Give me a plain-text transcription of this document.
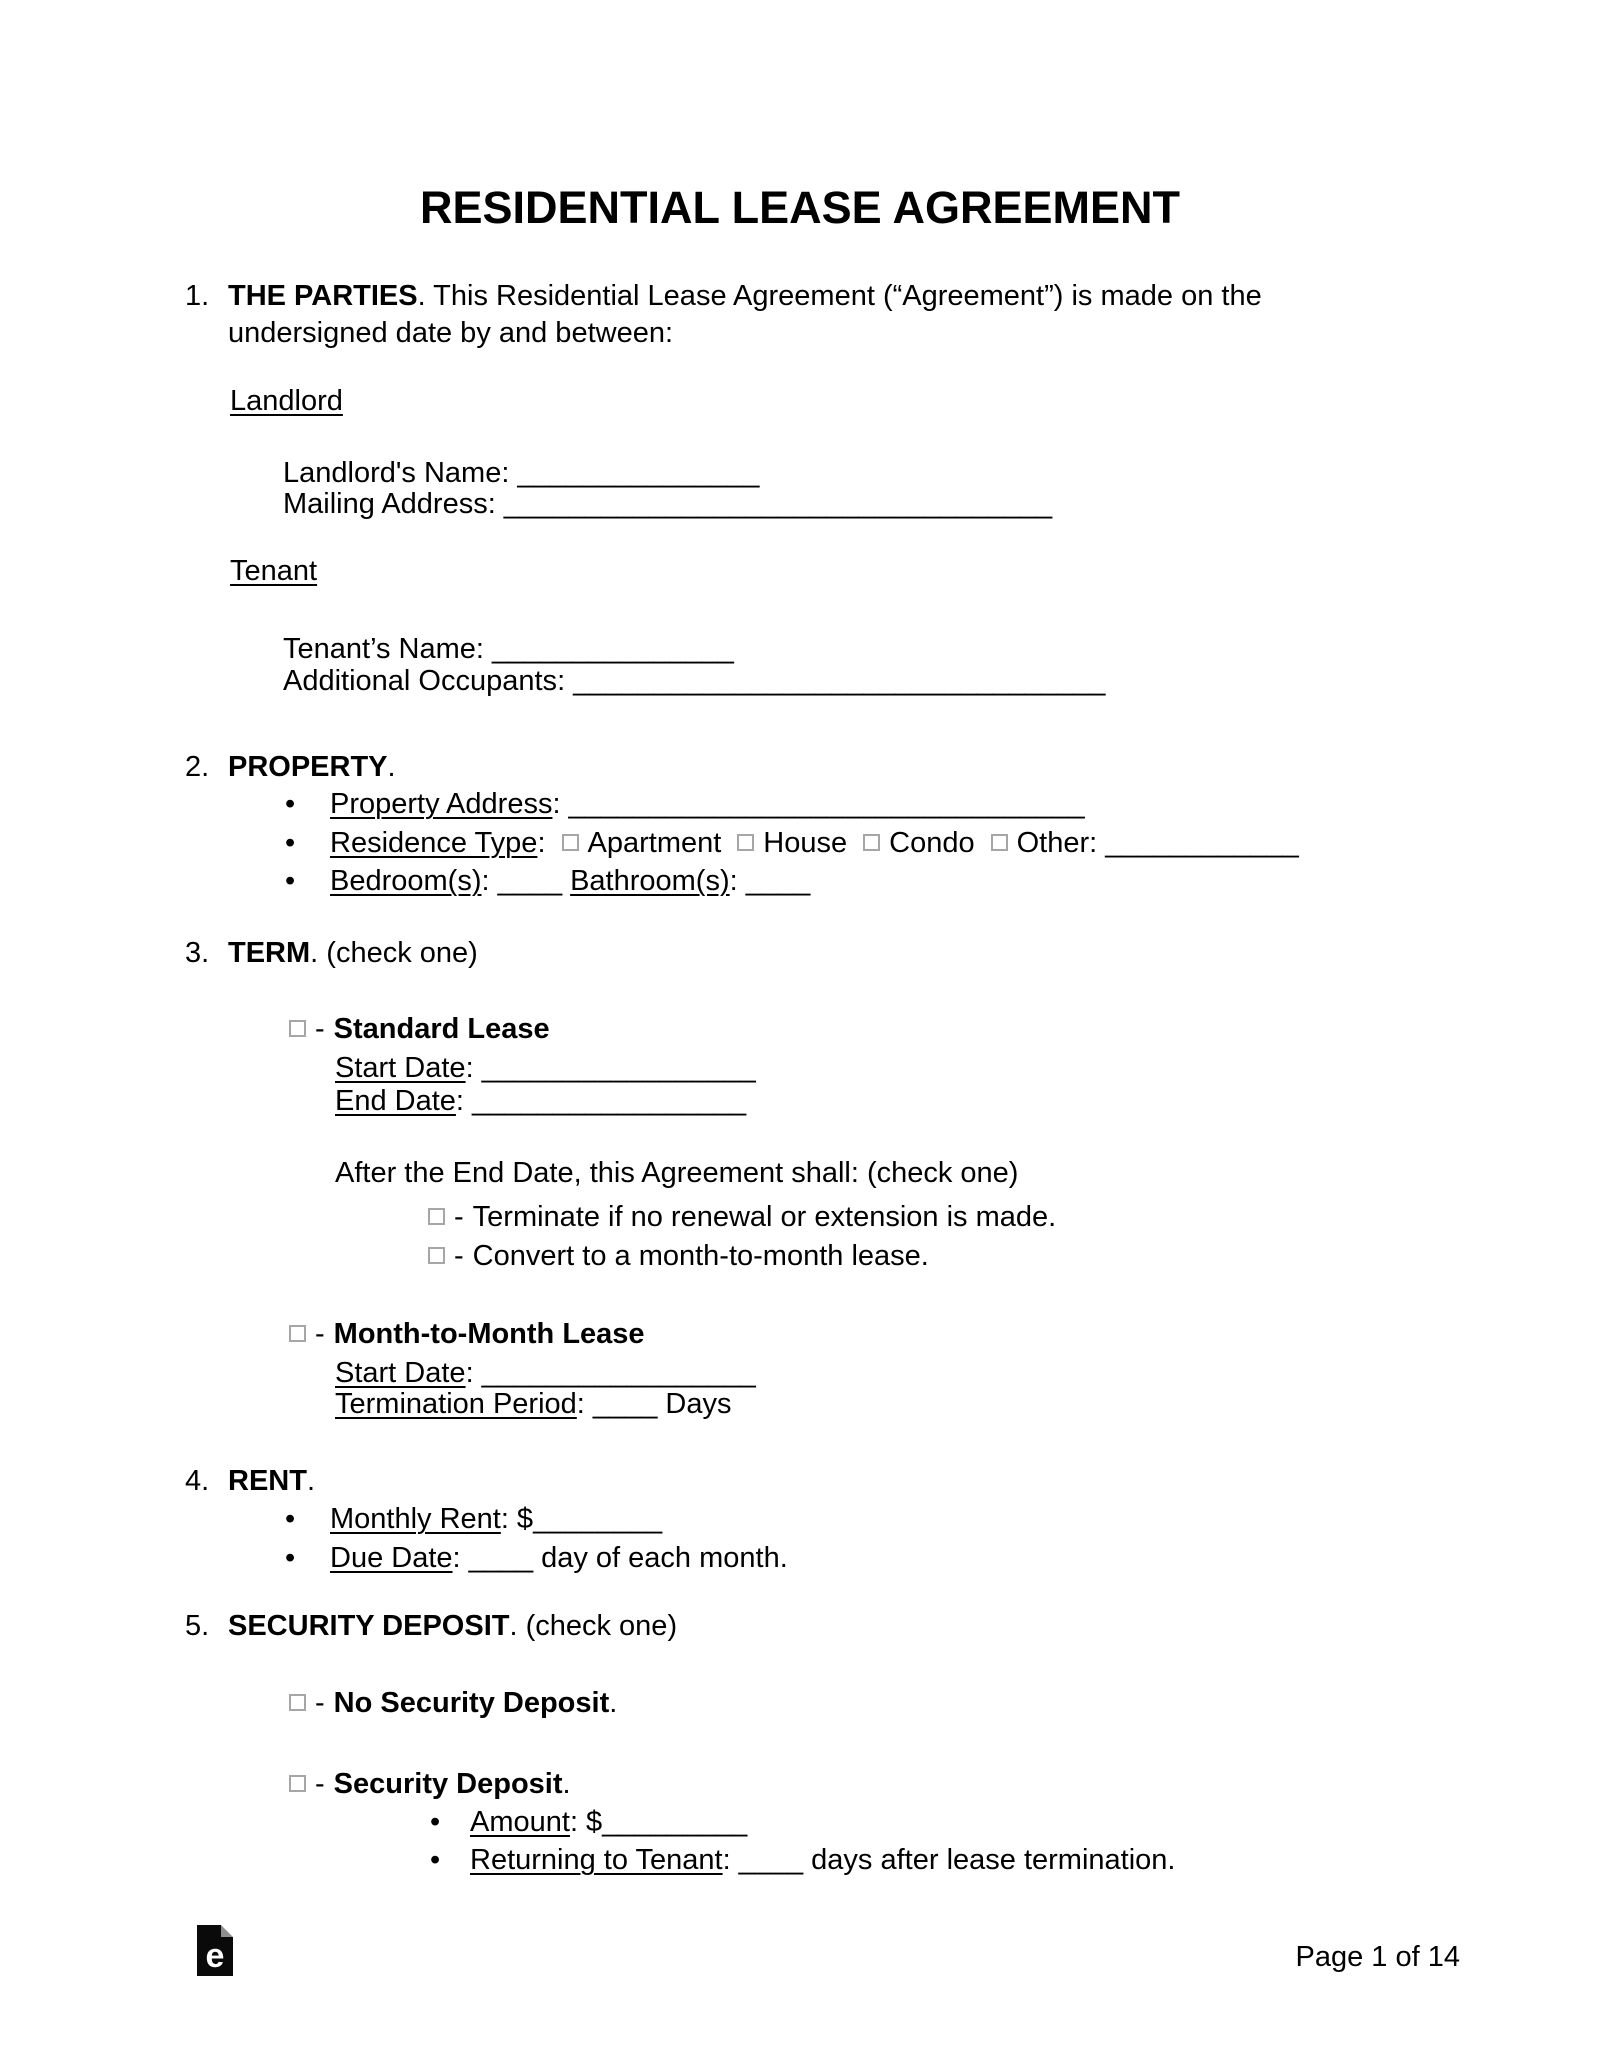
RESIDENTIAL LEASE AGREEMENT
1. THE PARTIES. This Residential Lease Agreement (“Agreement”) is made on the
undersigned date by and between:
Landlord
Landlord's Name: _______________
Mailing Address: __________________________________
Tenant
Tenant’s Name: _______________
Additional Occupants: _________________________________
2. PROPERTY.
• Property Address: ________________________________
• Residence Type: Apartment House Condo Other: ____________
• Bedroom(s): ____ Bathroom(s): ____
3. TERM. (check one)
- Standard Lease
Start Date: _________________
End Date: _________________
After the End Date, this Agreement shall: (check one)
- Terminate if no renewal or extension is made.
- Convert to a month-to-month lease.
- Month-to-Month Lease
Start Date: _________________
Termination Period: ____ Days
4. RENT.
• Monthly Rent: $________
• Due Date: ____ day of each month.
5. SECURITY DEPOSIT. (check one)
- No Security Deposit.
- Security Deposit.
• Amount: $_________
• Returning to Tenant: ____ days after lease termination.
e	Page 1 of 14
